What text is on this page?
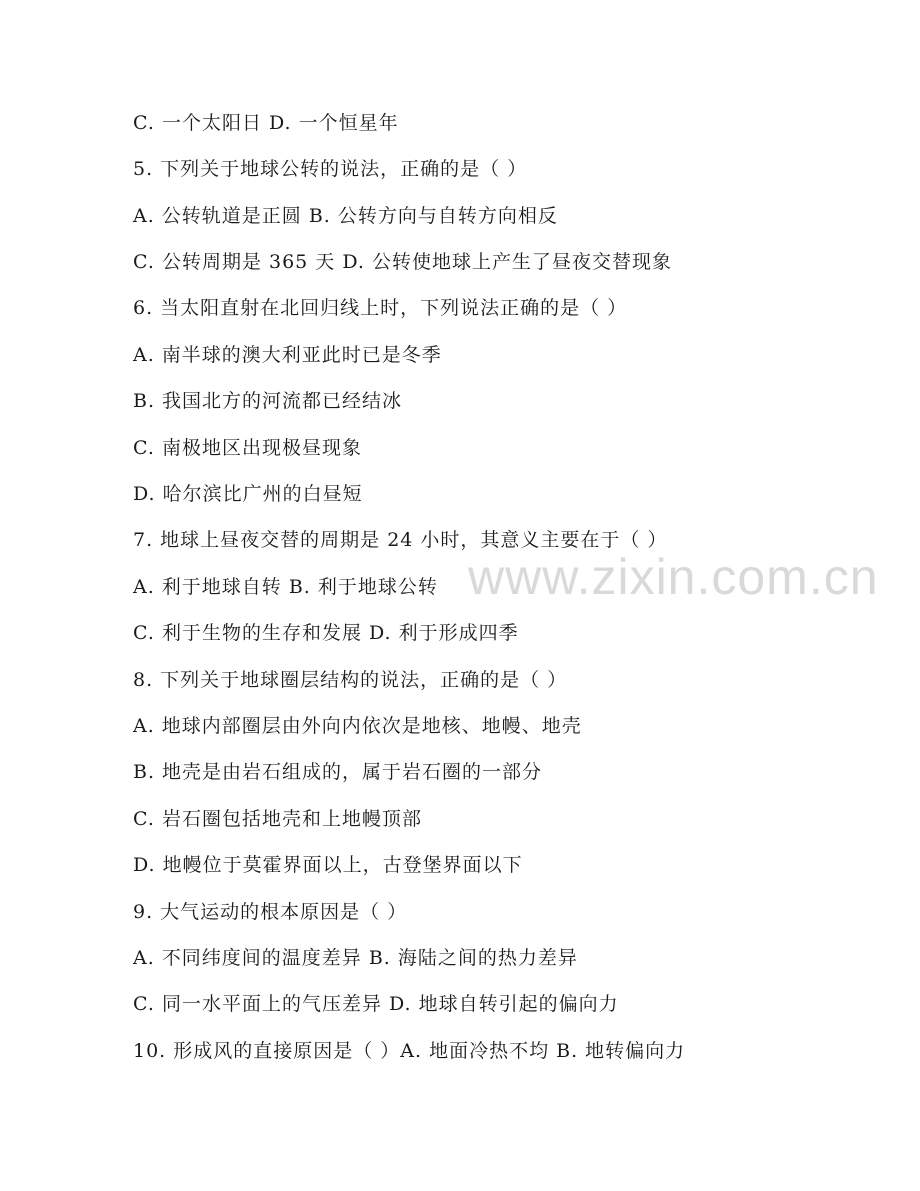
C. 一个太阳日 D. 一个恒星年
5. 下列关于地球公转的说法，正确的是（ ）
A. 公转轨道是正圆 B. 公转方向与自转方向相反
C. 公转周期是 365 天 D. 公转使地球上产生了昼夜交替现象
6. 当太阳直射在北回归线上时，下列说法正确的是（ ）
A. 南半球的澳大利亚此时已是冬季
B. 我国北方的河流都已经结冰
C. 南极地区出现极昼现象
D. 哈尔滨比广州的白昼短
7. 地球上昼夜交替的周期是 24 小时，其意义主要在于（ ）
A. 利于地球自转 B. 利于地球公转
C. 利于生物的生存和发展 D. 利于形成四季
8. 下列关于地球圈层结构的说法，正确的是（ ）
A. 地球内部圈层由外向内依次是地核、地幔、地壳
B. 地壳是由岩石组成的，属于岩石圈的一部分
C. 岩石圈包括地壳和上地幔顶部
D. 地幔位于莫霍界面以上，古登堡界面以下
9. 大气运动的根本原因是（ ）
A. 不同纬度间的温度差异 B. 海陆之间的热力差异
C. 同一水平面上的气压差异 D. 地球自转引起的偏向力
10. 形成风的直接原因是（ ）A. 地面冷热不均 B. 地转偏向力
www.zixin.com.cn
